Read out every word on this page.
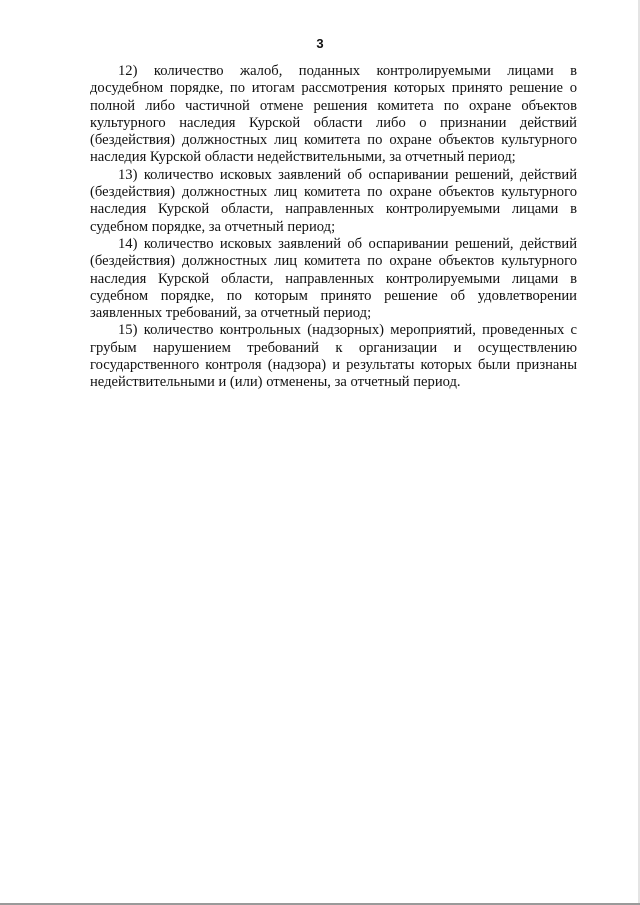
3

12) количество жалоб, поданных контролируемыми лицами в досудебном порядке, по итогам рассмотрения которых принято решение о полной либо частичной отмене решения комитета по охране объектов культурного наследия Курской области либо о признании действий (бездействия) должностных лиц комитета по охране объектов культурного наследия Курской области недействительными, за отчетный период;

13) количество исковых заявлений об оспаривании решений, действий (бездействия) должностных лиц комитета по охране объектов культурного наследия Курской области, направленных контролируемыми лицами в судебном порядке, за отчетный период;

14) количество исковых заявлений об оспаривании решений, действий (бездействия) должностных лиц комитета по охране объектов культурного наследия Курской области, направленных контролируемыми лицами в судебном порядке, по которым принято решение об удовлетворении заявленных требований, за отчетный период;

15) количество контрольных (надзорных) мероприятий, проведенных с грубым нарушением требований к организации и осуществлению государственного контроля (надзора) и результаты которых были признаны недействительными и (или) отменены, за отчетный период.
